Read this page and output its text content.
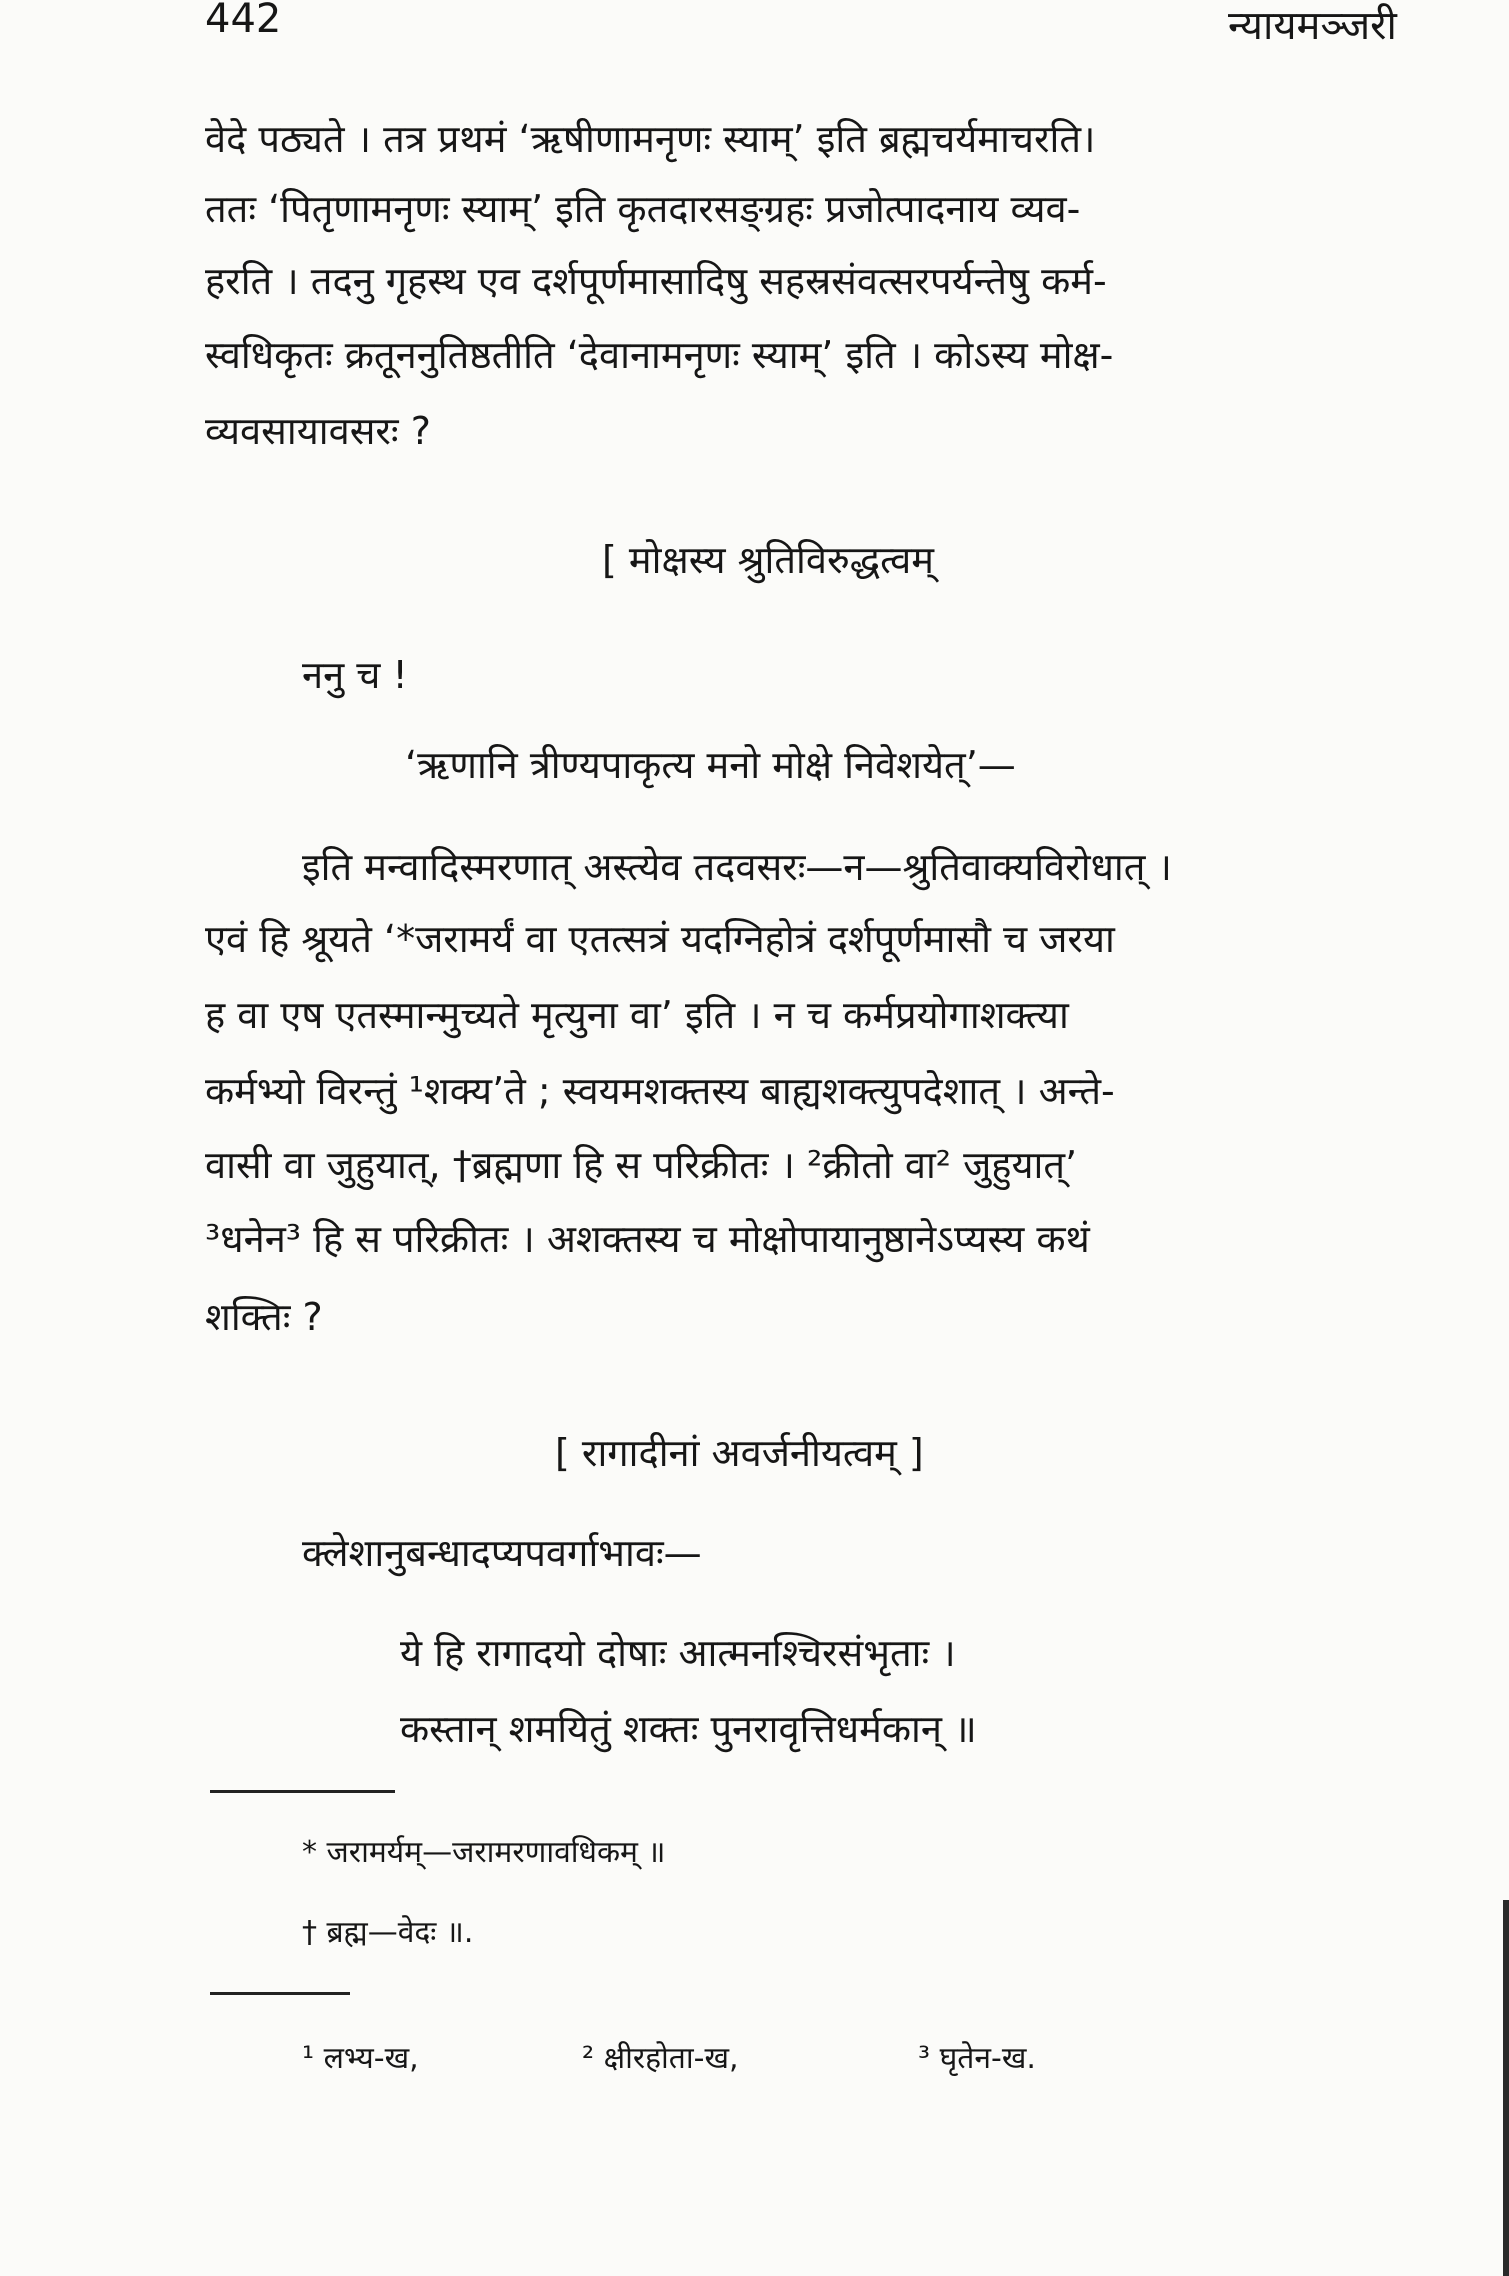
442	न्यायमञ्जरी
वेदे पठ्यते । तत्र प्रथमं ‘ऋषीणामनृणः स्याम्’ इति ब्रह्मचर्यमाचरति।
ततः ‘पितृणामनृणः स्याम्’ इति कृतदारसङ्ग्रहः प्रजोत्पादनाय व्यव-
हरति । तदनु गृहस्थ एव दर्शपूर्णमासादिषु सहस्रसंवत्सरपर्यन्तेषु कर्म-
स्वधिकृतः क्रतूननुतिष्ठतीति ‘देवानामनृणः स्याम्’ इति । कोऽस्य मोक्ष-
व्यवसायावसरः ?
[ मोक्षस्य श्रुतिविरुद्धत्वम्
ननु च !
‘ऋणानि त्रीण्यपाकृत्य मनो मोक्षे निवेशयेत्’—
इति मन्वादिस्मरणात् अस्त्येव तदवसरः—न—श्रुतिवाक्यविरोधात् ।
एवं हि श्रूयते ‘*जरामर्यं वा एतत्सत्रं यदग्निहोत्रं दर्शपूर्णमासौ च जरया
ह वा एष एतस्मान्मुच्यते मृत्युना वा’ इति । न च कर्मप्रयोगाशक्त्या
कर्मभ्यो विरन्तुं ¹शक्य’ते ; स्वयमशक्तस्य बाह्यशक्त्युपदेशात् । अन्ते-
वासी वा जुहुयात्, †ब्रह्मणा हि स परिक्रीतः । ²क्रीतो वा² जुहुयात्’
³धनेन³ हि स परिक्रीतः । अशक्तस्य च मोक्षोपायानुष्ठानेऽप्यस्य कथं
शक्तिः ?
[ रागादीनां अवर्जनीयत्वम् ]
क्लेशानुबन्धादप्यपवर्गाभावः—
ये हि रागादयो दोषाः आत्मनश्चिरसंभृताः ।
कस्तान् शमयितुं शक्तः पुनरावृत्तिधर्मकान् ॥
* जरामर्यम्—जरामरणावधिकम् ॥
† ब्रह्म—वेदः ॥.
¹ लभ्य-ख,	² क्षीरहोता-ख,	³ घृतेन-ख.
